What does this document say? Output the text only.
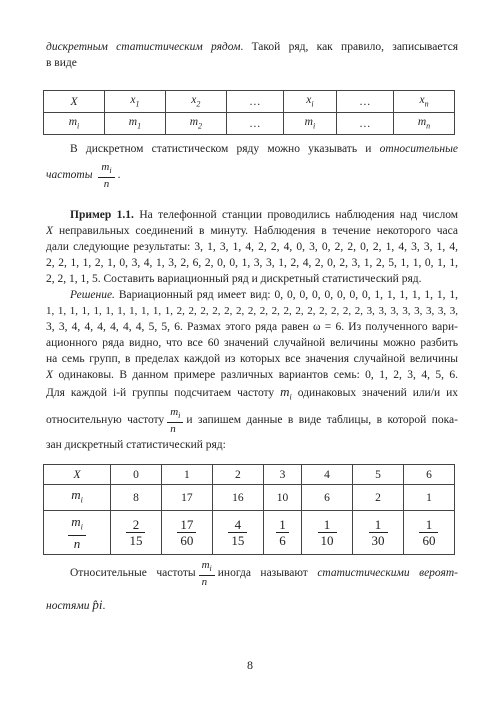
дискретным статистическим рядом. Такой ряд, как правило, записывается
в виде
X	$x_1$	$x_2$	…	$x_i$	…	$x_n$
$m_i$	$m_1$	$m_2$	…	$m_i$	…	$m_n$
В дискретном статистическом ряду можно указывать и относительные
частоты $\frac{m_i}{n}$ .
Пример 1.1. На телефонной станции проводились наблюдения над числом
X неправильных соединений в минуту. Наблюдения в течение некоторого часа
дали следующие результаты: 3, 1, 3, 1, 4, 2, 2, 4, 0, 3, 0, 2, 2, 0, 2, 1, 4, 3, 3, 1, 4,
2, 2, 1, 1, 2, 1, 0, 3, 4, 1, 3, 2, 6, 2, 0, 0, 1, 3, 3, 1, 2, 4, 2, 0, 2, 3, 1, 2, 5, 1, 1, 0, 1, 1,
2, 2, 1, 1, 5. Составить вариационный ряд и дискретный статистический ряд.
Решение. Вариационный ряд имеет вид: 0, 0, 0, 0, 0, 0, 0, 0, 1, 1, 1, 1, 1, 1, 1,
1, 1, 1, 1, 1, 1, 1, 1, 1, 1, 1, 2, 2, 2, 2, 2, 2, 2, 2, 2, 2, 2, 2, 2, 2, 2, 2, 3, 3, 3, 3, 3, 3, 3, 3,
3, 3, 4, 4, 4, 4, 4, 4, 5, 5, 6. Размах этого ряда равен ω = 6. Из полученного вари-
ационного ряда видно, что все 60 значений случайной величины можно разбить
на семь групп, в пределах каждой из которых все значения случайной величины
X одинаковы. В данном примере различных вариантов семь: 0, 1, 2, 3, 4, 5, 6.
Для каждой i-й группы подсчитаем частоту $m_i$ одинаковых значений или/и их
относительную частоту $\frac{m_i}{n}$ и запишем данные в виде таблицы, в которой пока-
зан дискретный статистический ряд:
X	0	1	2	3	4	5	6
$m_i$	8	17	16	10	6	2	1

$\frac{m_i}{n}$	$\frac{2}{15}$	$\frac{17}{60}$	$\frac{4}{15}$	$\frac{1}{6}$	$\frac{1}{10}$	$\frac{1}{30}$	$\frac{1}{60}$
Относительные частоты $\frac{m_i}{n}$ иногда называют статистическими вероят-
ностями p̂i.
8
